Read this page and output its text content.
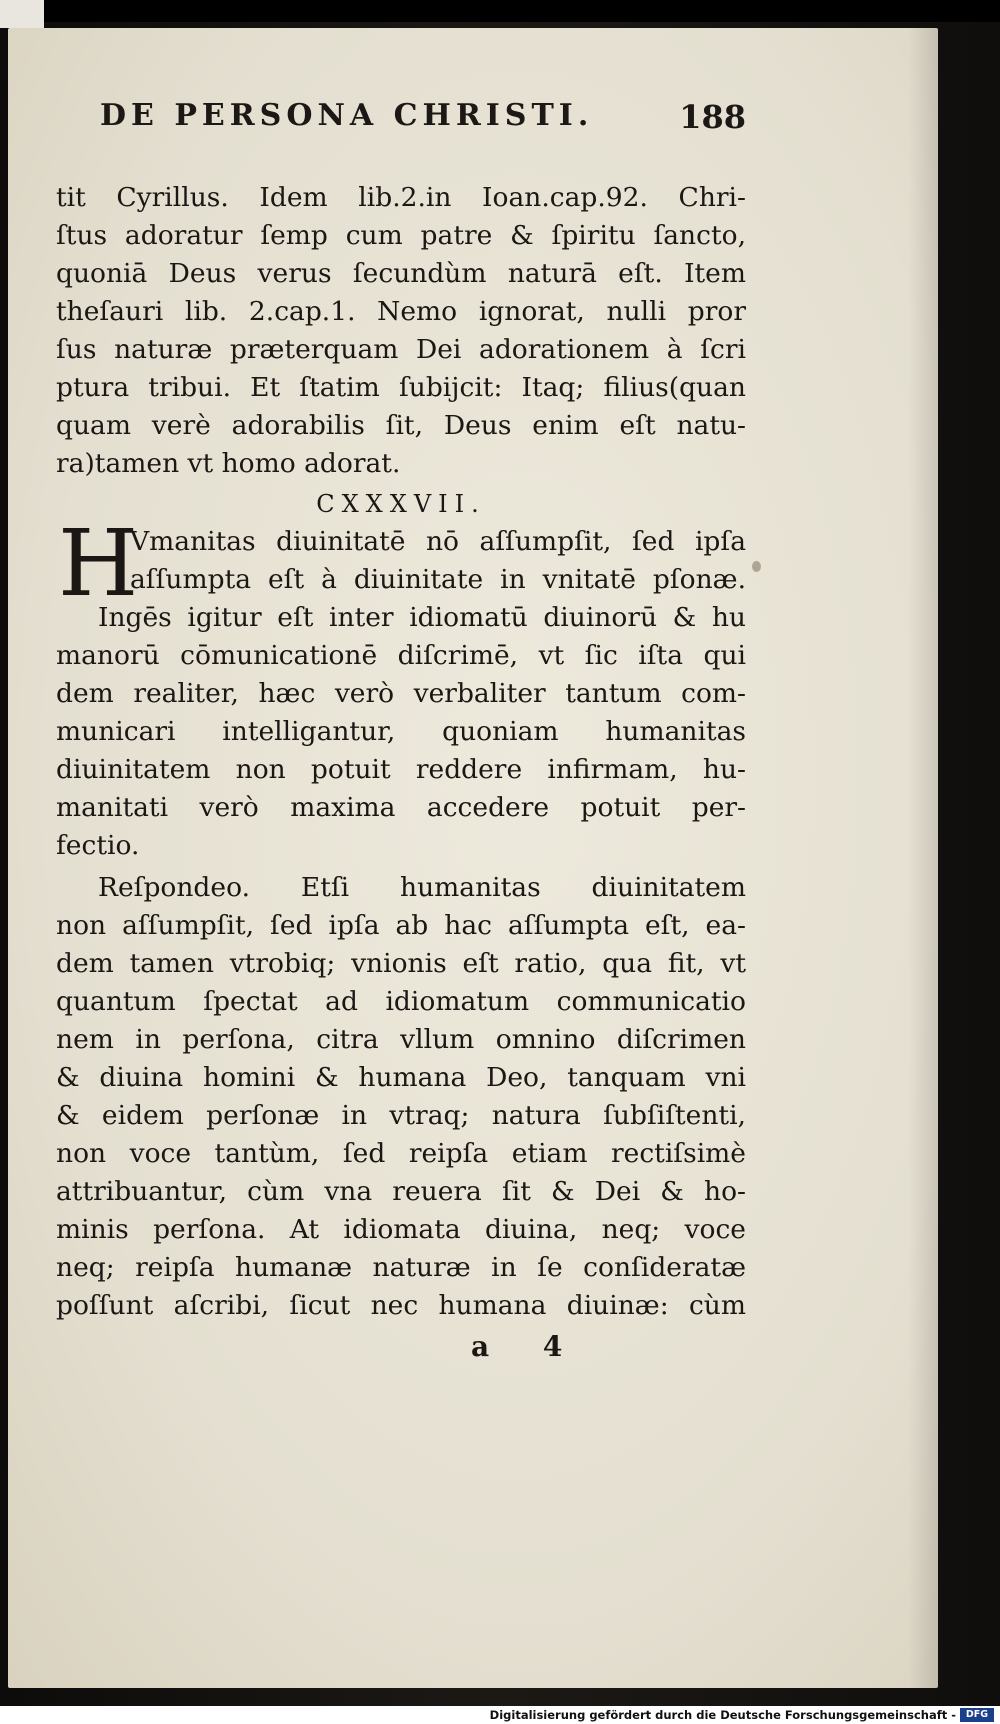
DE PERSONA CHRISTI.	188
tit Cyrillus. Idem lib.2.in Ioan.cap.92. Chri-
ſtus adoratur ſemp cum patre & ſpiritu ſancto,
quoniā Deus verus ſecundùm naturā eſt. Item
theſauri lib. 2.cap.1. Nemo ignorat, nulli pror
ſus naturæ præterquam Dei adorationem à ſcri
ptura tribui. Et ſtatim ſubijcit: Itaq; filius(quan
quam verè adorabilis ſit, Deus enim eſt natu-
ra)tamen vt homo adorat.
CXXXVII.
H
Vmanitas diuinitatē nō aſſumpſit, ſed ipſa
aſſumpta eſt à diuinitate in vnitatē pſonæ.
Ingēs igitur eſt inter idiomatū diuinorū & hu
manorū cōmunicationē diſcrimē, vt ſic iſta qui
dem realiter, hæc verò verbaliter tantum com-
municari intelligantur, quoniam humanitas
diuinitatem non potuit reddere infirmam, hu-
manitati verò maxima accedere potuit per-
fectio.
Reſpondeo. Etſi humanitas diuinitatem
non aſſumpſit, ſed ipſa ab hac aſſumpta eſt, ea-
dem tamen vtrobiq; vnionis eſt ratio, qua fit, vt
quantum ſpectat ad idiomatum communicatio
nem in perſona, citra vllum omnino diſcrimen
& diuina homini & humana Deo, tanquam vni
& eidem perſonæ in vtraq; natura ſubſiſtenti,
non voce tantùm, ſed reipſa etiam rectiſsimè
attribuantur, cùm vna reuera ſit & Dei & ho-
minis perſona. At idiomata diuina, neq; voce
neq; reipſa humanæ naturæ in ſe conſideratæ
poſſunt aſcribi, ſicut nec humana diuinæ: cùm
a 4
Digitalisierung gefördert durch die Deutsche Forschungsgemeinschaft -	DFG
